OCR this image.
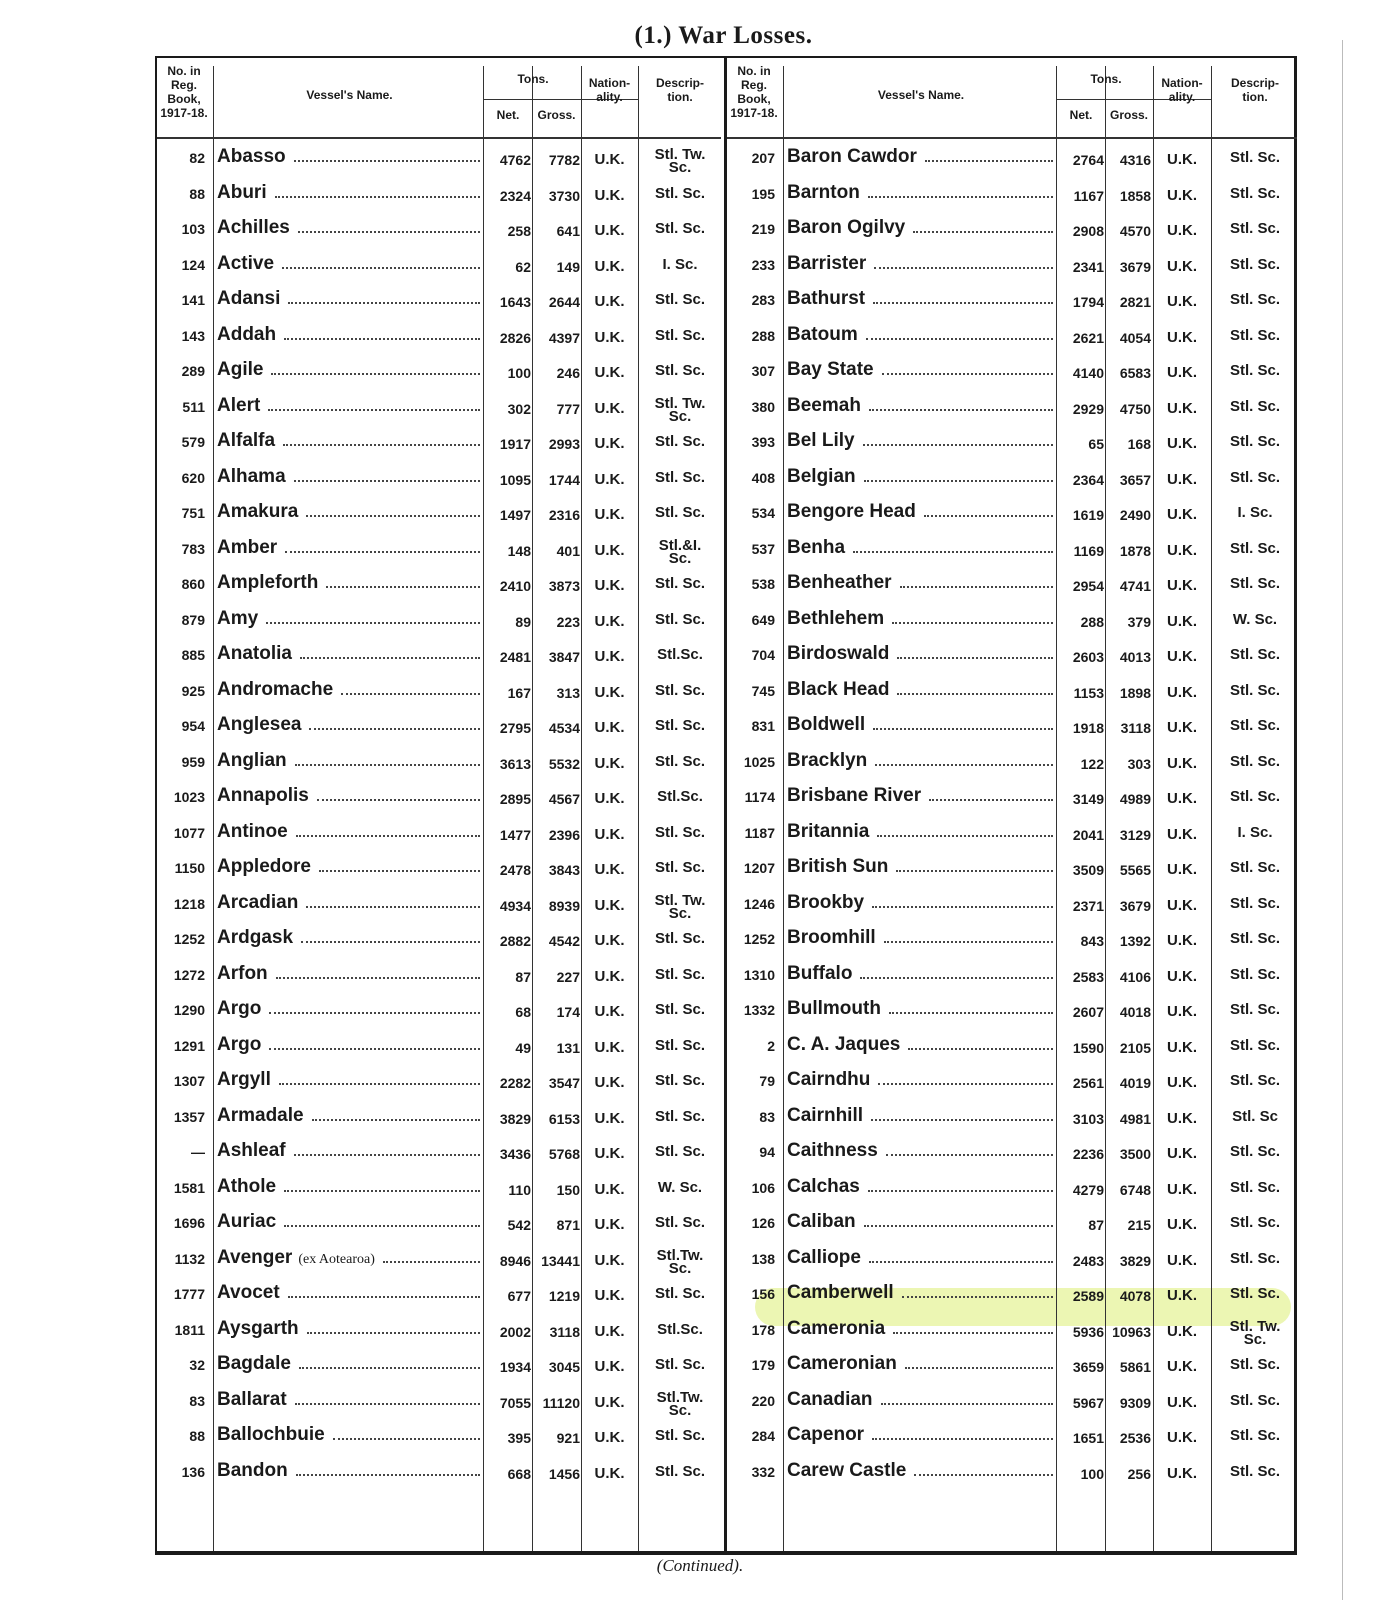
(1.) War Losses.
No. in
Reg.
Book,
1917-18.
Vessel's Name.
Tons.
Net.	Gross.
Nation-
ality.
Descrip-
tion.
82 Abasso	4762	7782 U.K.	Stl. Tw.
Sc.
88 Aburi	2324	3730 U.K.	Stl. Sc.
103 Achilles	258	641 U.K.	Stl. Sc.
124 Active	62	149 U.K.	I. Sc.
141 Adansi	1643	2644 U.K.	Stl. Sc.
143 Addah	2826	4397 U.K.	Stl. Sc.
289 Agile	100	246 U.K.	Stl. Sc.
511 Alert	302	777 U.K.	Stl. Tw.
Sc.
579 Alfalfa	1917	2993 U.K.	Stl. Sc.
620 Alhama	1095	1744 U.K.	Stl. Sc.
751 Amakura	1497	2316 U.K.	Stl. Sc.
783 Amber	148	401 U.K.	Stl.&I.
Sc.
860 Ampleforth	2410	3873 U.K.	Stl. Sc.
879 Amy	89	223 U.K.	Stl. Sc.
885 Anatolia	2481	3847 U.K.	Stl.Sc.
925 Andromache	167	313 U.K.	Stl. Sc.
954 Anglesea	2795	4534 U.K.	Stl. Sc.
959 Anglian	3613	5532 U.K.	Stl. Sc.
1023 Annapolis	2895	4567 U.K.	Stl.Sc.
1077 Antinoe	1477	2396 U.K.	Stl. Sc.
1150 Appledore	2478	3843 U.K.	Stl. Sc.
1218 Arcadian	4934	8939 U.K.	Stl. Tw.
Sc.
1252 Ardgask	2882	4542 U.K.	Stl. Sc.
1272 Arfon	87	227 U.K.	Stl. Sc.
1290 Argo	68	174 U.K.	Stl. Sc.
1291 Argo	49	131 U.K.	Stl. Sc.
1307 Argyll	2282	3547 U.K.	Stl. Sc.
1357 Armadale	3829	6153 U.K.	Stl. Sc.
— Ashleaf	3436	5768 U.K.	Stl. Sc.
1581 Athole	110	150 U.K.	W. Sc.
1696 Auriac	542	871 U.K.	Stl. Sc.
1132 Avenger (ex Aotearoa)	8946 13441 U.K.	Stl.Tw.
Sc.
1777 Avocet	677	1219 U.K.	Stl. Sc.
1811 Aysgarth	2002	3118 U.K.	Stl.Sc.
32 Bagdale	1934	3045 U.K.	Stl. Sc.
83 Ballarat	7055 11120 U.K.	Stl.Tw.
Sc.
88 Ballochbuie	395	921 U.K.	Stl. Sc.
136 Bandon	668	1456 U.K.	Stl. Sc.
No. in
Reg.
Book,
1917-18.
Vessel's Name.
Tons.
Net.	Gross.
Nation-
ality.
Descrip-
tion.
207 Baron Cawdor	2764	4316	U.K.	Stl. Sc.
195 Barnton	1167	1858	U.K.	Stl. Sc.
219 Baron Ogilvy	2908	4570	U.K.	Stl. Sc.
233 Barrister	2341	3679	U.K.	Stl. Sc.
283 Bathurst	1794	2821	U.K.	Stl. Sc.
288 Batoum	2621	4054	U.K.	Stl. Sc.
307 Bay State	4140	6583	U.K.	Stl. Sc.
380 Beemah	2929	4750	U.K.	Stl. Sc.
393 Bel Lily	65	168	U.K.	Stl. Sc.
408 Belgian	2364	3657	U.K.	Stl. Sc.
534 Bengore Head	1619	2490	U.K.	I. Sc.
537 Benha	1169	1878	U.K.	Stl. Sc.
538 Benheather	2954	4741	U.K.	Stl. Sc.
649 Bethlehem	288	379	U.K.	W. Sc.
704 Birdoswald	2603	4013	U.K.	Stl. Sc.
745 Black Head	1153	1898	U.K.	Stl. Sc.
831 Boldwell	1918	3118	U.K.	Stl. Sc.
1025 Bracklyn	122	303	U.K.	Stl. Sc.
1174 Brisbane River	3149	4989	U.K.	Stl. Sc.
1187 Britannia	2041	3129	U.K.	I. Sc.
1207 British Sun	3509	5565	U.K.	Stl. Sc.
1246 Brookby	2371	3679	U.K.	Stl. Sc.
1252 Broomhill	843	1392	U.K.	Stl. Sc.
1310 Buffalo	2583	4106	U.K.	Stl. Sc.
1332 Bullmouth	2607	4018	U.K.	Stl. Sc.
2 C. A. Jaques	1590	2105	U.K.	Stl. Sc.
79 Cairndhu	2561	4019	U.K.	Stl. Sc.
83 Cairnhill	3103	4981	U.K.	Stl. Sc
94 Caithness	2236	3500	U.K.	Stl. Sc.
106 Calchas	4279	6748	U.K.	Stl. Sc.
126 Caliban	87	215	U.K.	Stl. Sc.
138 Calliope	2483	3829	U.K.	Stl. Sc.
156 Camberwell	2589	4078	U.K.	Stl. Sc.
178 Cameronia	5936 10963	U.K.	Stl. Tw.
Sc.
179 Cameronian	3659	5861	U.K.	Stl. Sc.
220 Canadian	5967	9309	U.K.	Stl. Sc.
284 Capenor	1651	2536	U.K.	Stl. Sc.
332 Carew Castle	100	256	U.K.	Stl. Sc.
(Continued).
